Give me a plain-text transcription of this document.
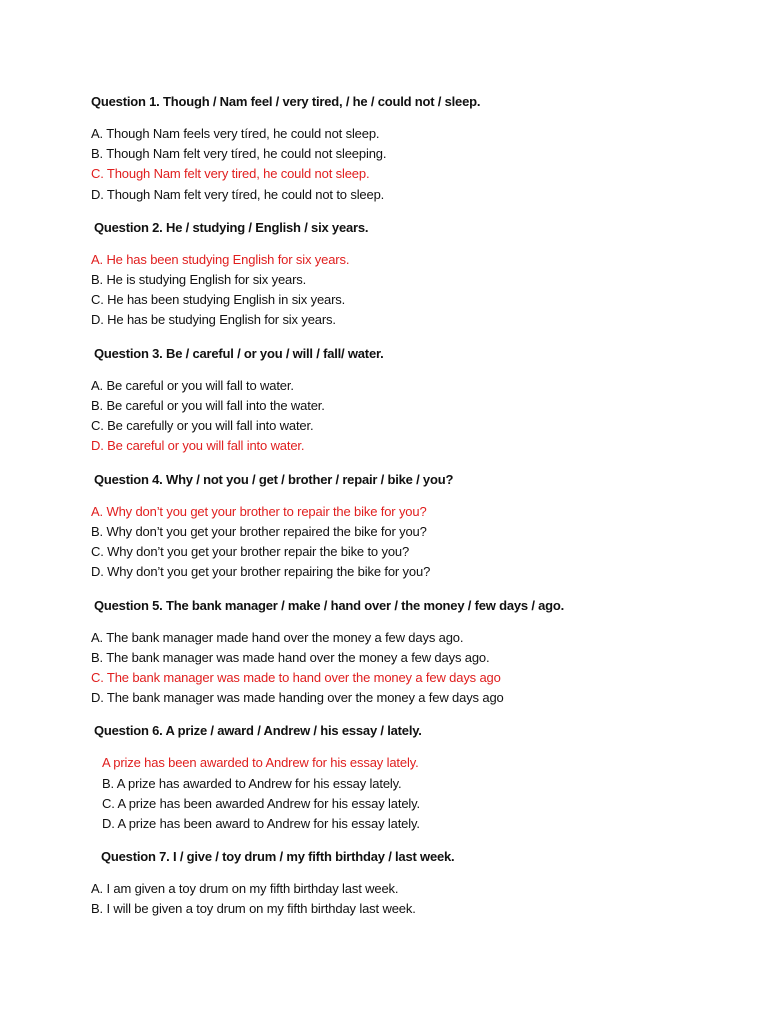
Question 1. Though / Nam feel / very tired, / he / could not / sleep.
A. Though Nam feels very tíred, he could not sleep.
B. Though Nam felt very tíred, he could not sleeping.
C. Though Nam felt very tired, he could not sleep.
D. Though Nam felt very tíred, he could not to sleep.
Question 2. He / studying / English / six years.
A. He has been studying English for six years.
B. He is studying English for six years.
C. He has been studying English in six years.
D. He has be studying English for six years.
Question 3. Be / careful / or you / will / fall/ water.
A. Be careful or you will fall to water.
B. Be careful or you will fall into the water.
C. Be carefully or you will fall into water.
D. Be careful or you will fall into water.
Question 4. Why / not you / get / brother / repair / bike / you?
A. Why don’t you get your brother to repair the bike for you?
B. Why don’t you get your brother repaired the bike for you?
C. Why don’t you get your brother repair the bike to you?
D. Why don’t you get your brother repairing the bike for you?
Question 5. The bank manager / make / hand over / the money / few days / ago.
A. The bank manager made hand over the money a few days ago.
B. The bank manager was made hand over the money a few days ago.
C. The bank manager was made to hand over the money a few days ago
D. The bank manager was made handing over the money a few days ago
Question 6. A prize / award / Andrew / his essay / lately.
A prize has been awarded to Andrew for his essay lately.
B. A prize has awarded to Andrew for his essay lately.
C. A prize has been awarded Andrew for his essay lately.
D. A prize has been award to Andrew for his essay lately.
Question 7. I / give / toy drum / my fifth birthday / last week.
A. I am given a toy drum on my fifth birthday last week.
B. I will be given a toy drum on my fifth birthday last week.
